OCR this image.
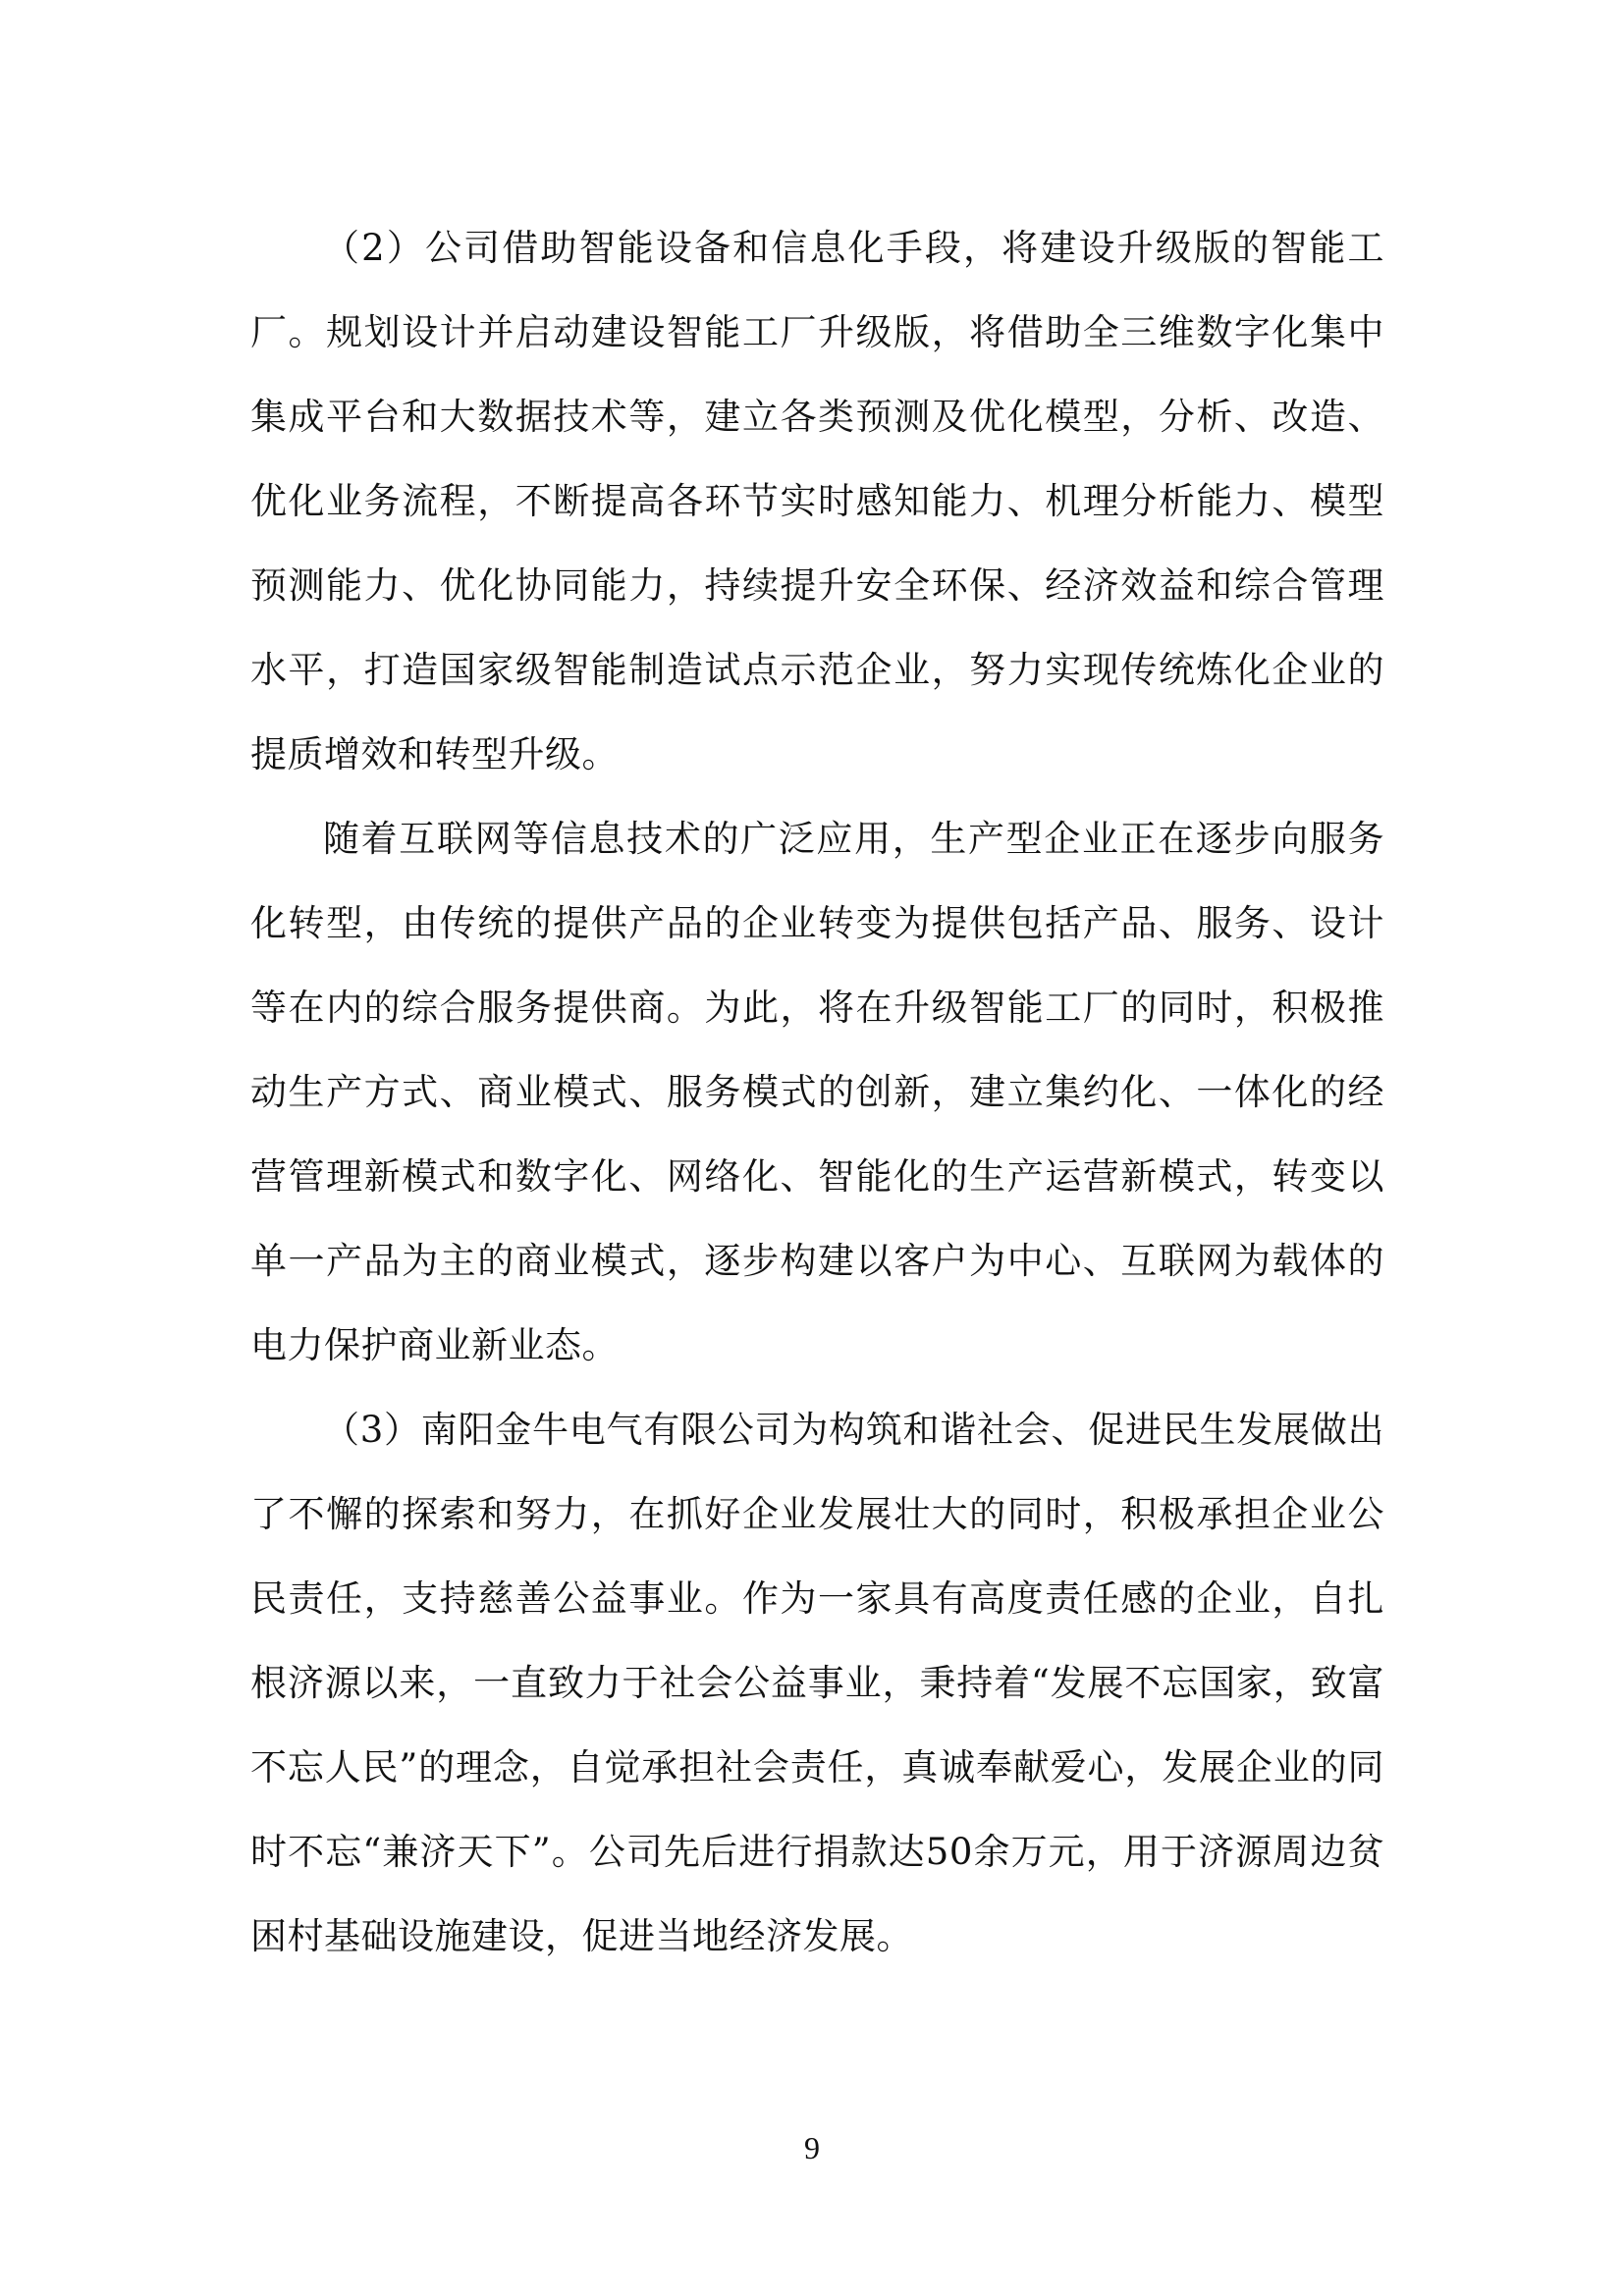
（2）公司借助智能设备和信息化手段，将建设升级版的智能工厂。规划设计并启动建设智能工厂升级版，将借助全三维数字化集中集成平台和大数据技术等，建立各类预测及优化模型，分析、改造、优化业务流程，不断提高各环节实时感知能力、机理分析能力、模型预测能力、优化协同能力，持续提升安全环保、经济效益和综合管理水平，打造国家级智能制造试点示范企业，努力实现传统炼化企业的提质增效和转型升级。

随着互联网等信息技术的广泛应用，生产型企业正在逐步向服务化转型，由传统的提供产品的企业转变为提供包括产品、服务、设计等在内的综合服务提供商。为此，将在升级智能工厂的同时，积极推动生产方式、商业模式、服务模式的创新，建立集约化、一体化的经营管理新模式和数字化、网络化、智能化的生产运营新模式，转变以单一产品为主的商业模式，逐步构建以客户为中心、互联网为载体的电力保护商业新业态。

（3）南阳金牛电气有限公司为构筑和谐社会、促进民生发展做出了不懈的探索和努力，在抓好企业发展壮大的同时，积极承担企业公民责任，支持慈善公益事业。作为一家具有高度责任感的企业，自扎根济源以来，一直致力于社会公益事业，秉持着“发展不忘国家，致富不忘人民”的理念，自觉承担社会责任，真诚奉献爱心，发展企业的同时不忘“兼济天下”。公司先后进行捐款达50余万元，用于济源周边贫困村基础设施建设，促进当地经济发展。

9
